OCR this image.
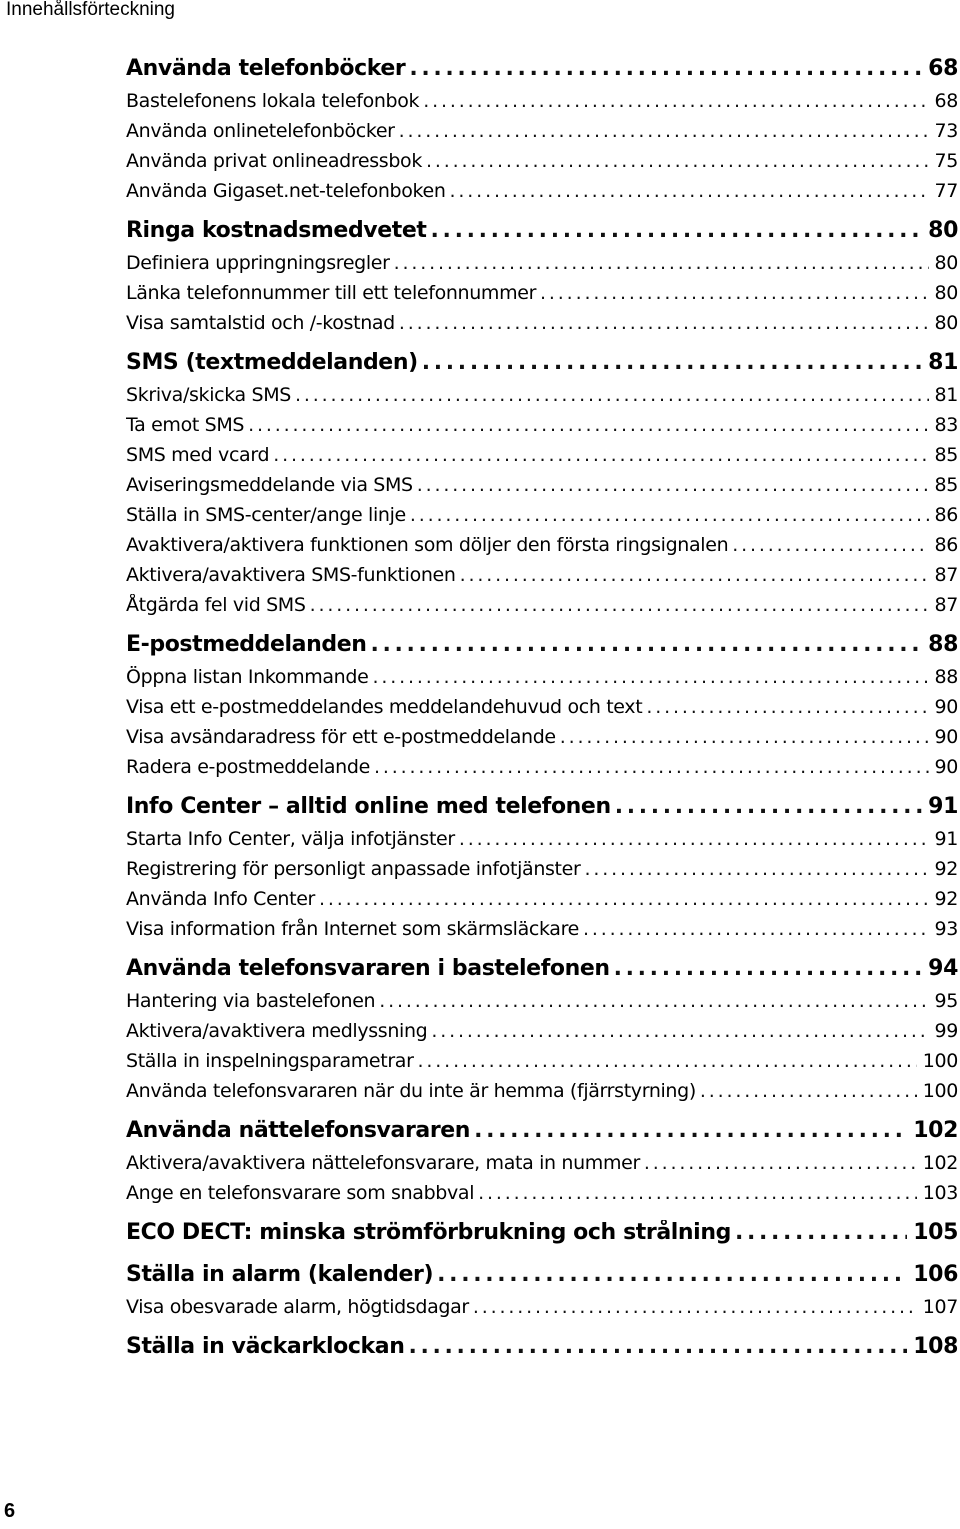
Innehållsförteckning
Använda telefonböcker . . .	68
Bastelefonens lokala telefonbok . . .	68
Använda onlinetelefonböcker . . .	73
Använda privat onlineadressbok . . .	75
Använda Gigaset.net-telefonboken . . .	77
Ringa kostnadsmedvetet . . .	80
Definiera uppringningsregler . . .	80
Länka telefonnummer till ett telefonnummer . . .	80
Visa samtalstid och /-kostnad . . .	80
SMS (textmeddelanden) . . .	81
Skriva/skicka SMS . . .	81
Ta emot SMS . . .	83
SMS med vcard . . .	85
Aviseringsmeddelande via SMS . . .	85
Ställa in SMS-center/ange linje . . .	86
Avaktivera/aktivera funktionen som döljer den första ringsignalen . . .	86
Aktivera/avaktivera SMS-funktionen . . .	87
Åtgärda fel vid SMS . . .	87
E-postmeddelanden . . .	88
Öppna listan Inkommande . . .	88
Visa ett e-postmeddelandes meddelandehuvud och text . . .	90
Visa avsändaradress för ett e-postmeddelande . . .	90
Radera e-postmeddelande . . .	90
Info Center – alltid online med telefonen . . .	91
Starta Info Center, välja infotjänster . . .	91
Registrering för personligt anpassade infotjänster . . .	92
Använda Info Center . . .	92
Visa information från Internet som skärmsläckare . . .	93
Använda telefonsvararen i bastelefonen . . .	94
Hantering via bastelefonen . . .	95
Aktivera/avaktivera medlyssning . . .	99
Ställa in inspelningsparametrar . . .	100
Använda telefonsvararen när du inte är hemma (fjärrstyrning) . . .	100
Använda nättelefonsvararen . . .	102
Aktivera/avaktivera nättelefonsvarare, mata in nummer . . .	102
Ange en telefonsvarare som snabbval . . .	103
ECO DECT: minska strömförbrukning och strålning . . .	105
Ställa in alarm (kalender) . . .	106
Visa obesvarade alarm, högtidsdagar . . .	107
Ställa in väckarklockan . . .	108
6
